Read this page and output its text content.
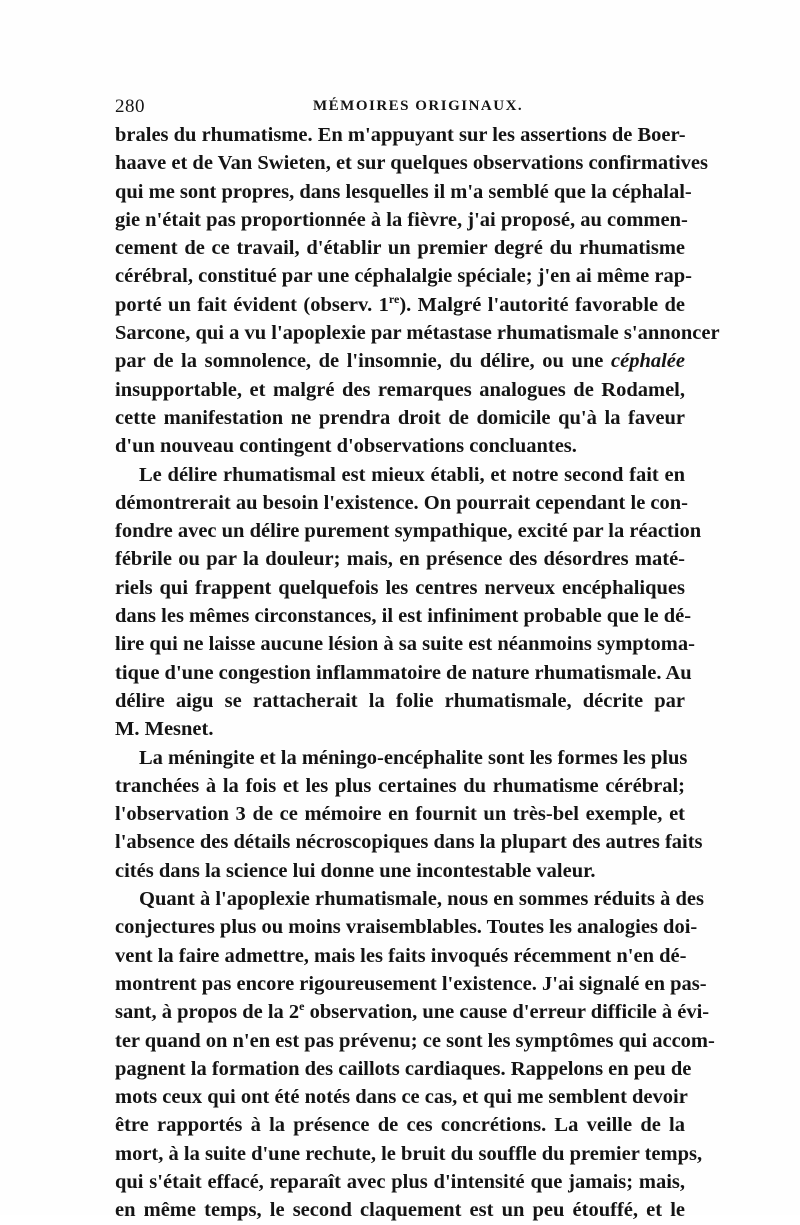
280	MÉMOIRES ORIGINAUX.
brales du rhumatisme. En m'appuyant sur les assertions de Boer-
haave et de Van Swieten, et sur quelques observations confirmatives
qui me sont propres, dans lesquelles il m'a semblé que la céphalal-
gie n'était pas proportionnée à la fièvre, j'ai proposé, au commen-
cement de ce travail, d'établir un premier degré du rhumatisme
cérébral, constitué par une céphalalgie spéciale; j'en ai même rap-
porté un fait évident (observ. 1re). Malgré l'autorité favorable de
Sarcone, qui a vu l'apoplexie par métastase rhumatismale s'annoncer
par de la somnolence, de l'insomnie, du délire, ou une céphalée
insupportable, et malgré des remarques analogues de Rodamel,
cette manifestation ne prendra droit de domicile qu'à la faveur
d'un nouveau contingent d'observations concluantes.
Le délire rhumatismal est mieux établi, et notre second fait en
démontrerait au besoin l'existence. On pourrait cependant le con-
fondre avec un délire purement sympathique, excité par la réaction
fébrile ou par la douleur; mais, en présence des désordres maté-
riels qui frappent quelquefois les centres nerveux encéphaliques
dans les mêmes circonstances, il est infiniment probable que le dé-
lire qui ne laisse aucune lésion à sa suite est néanmoins symptoma-
tique d'une congestion inflammatoire de nature rhumatismale. Au
délire aigu se rattacherait la folie rhumatismale, décrite par
M. Mesnet.
La méningite et la méningo-encéphalite sont les formes les plus
tranchées à la fois et les plus certaines du rhumatisme cérébral;
l'observation 3 de ce mémoire en fournit un très-bel exemple, et
l'absence des détails nécroscopiques dans la plupart des autres faits
cités dans la science lui donne une incontestable valeur.
Quant à l'apoplexie rhumatismale, nous en sommes réduits à des
conjectures plus ou moins vraisemblables. Toutes les analogies doi-
vent la faire admettre, mais les faits invoqués récemment n'en dé-
montrent pas encore rigoureusement l'existence. J'ai signalé en pas-
sant, à propos de la 2e observation, une cause d'erreur difficile à évi-
ter quand on n'en est pas prévenu; ce sont les symptômes qui accom-
pagnent la formation des caillots cardiaques. Rappelons en peu de
mots ceux qui ont été notés dans ce cas, et qui me semblent devoir
être rapportés à la présence de ces concrétions. La veille de la
mort, à la suite d'une rechute, le bruit du souffle du premier temps,
qui s'était effacé, reparaît avec plus d'intensité que jamais; mais,
en même temps, le second claquement est un peu étouffé, et le
